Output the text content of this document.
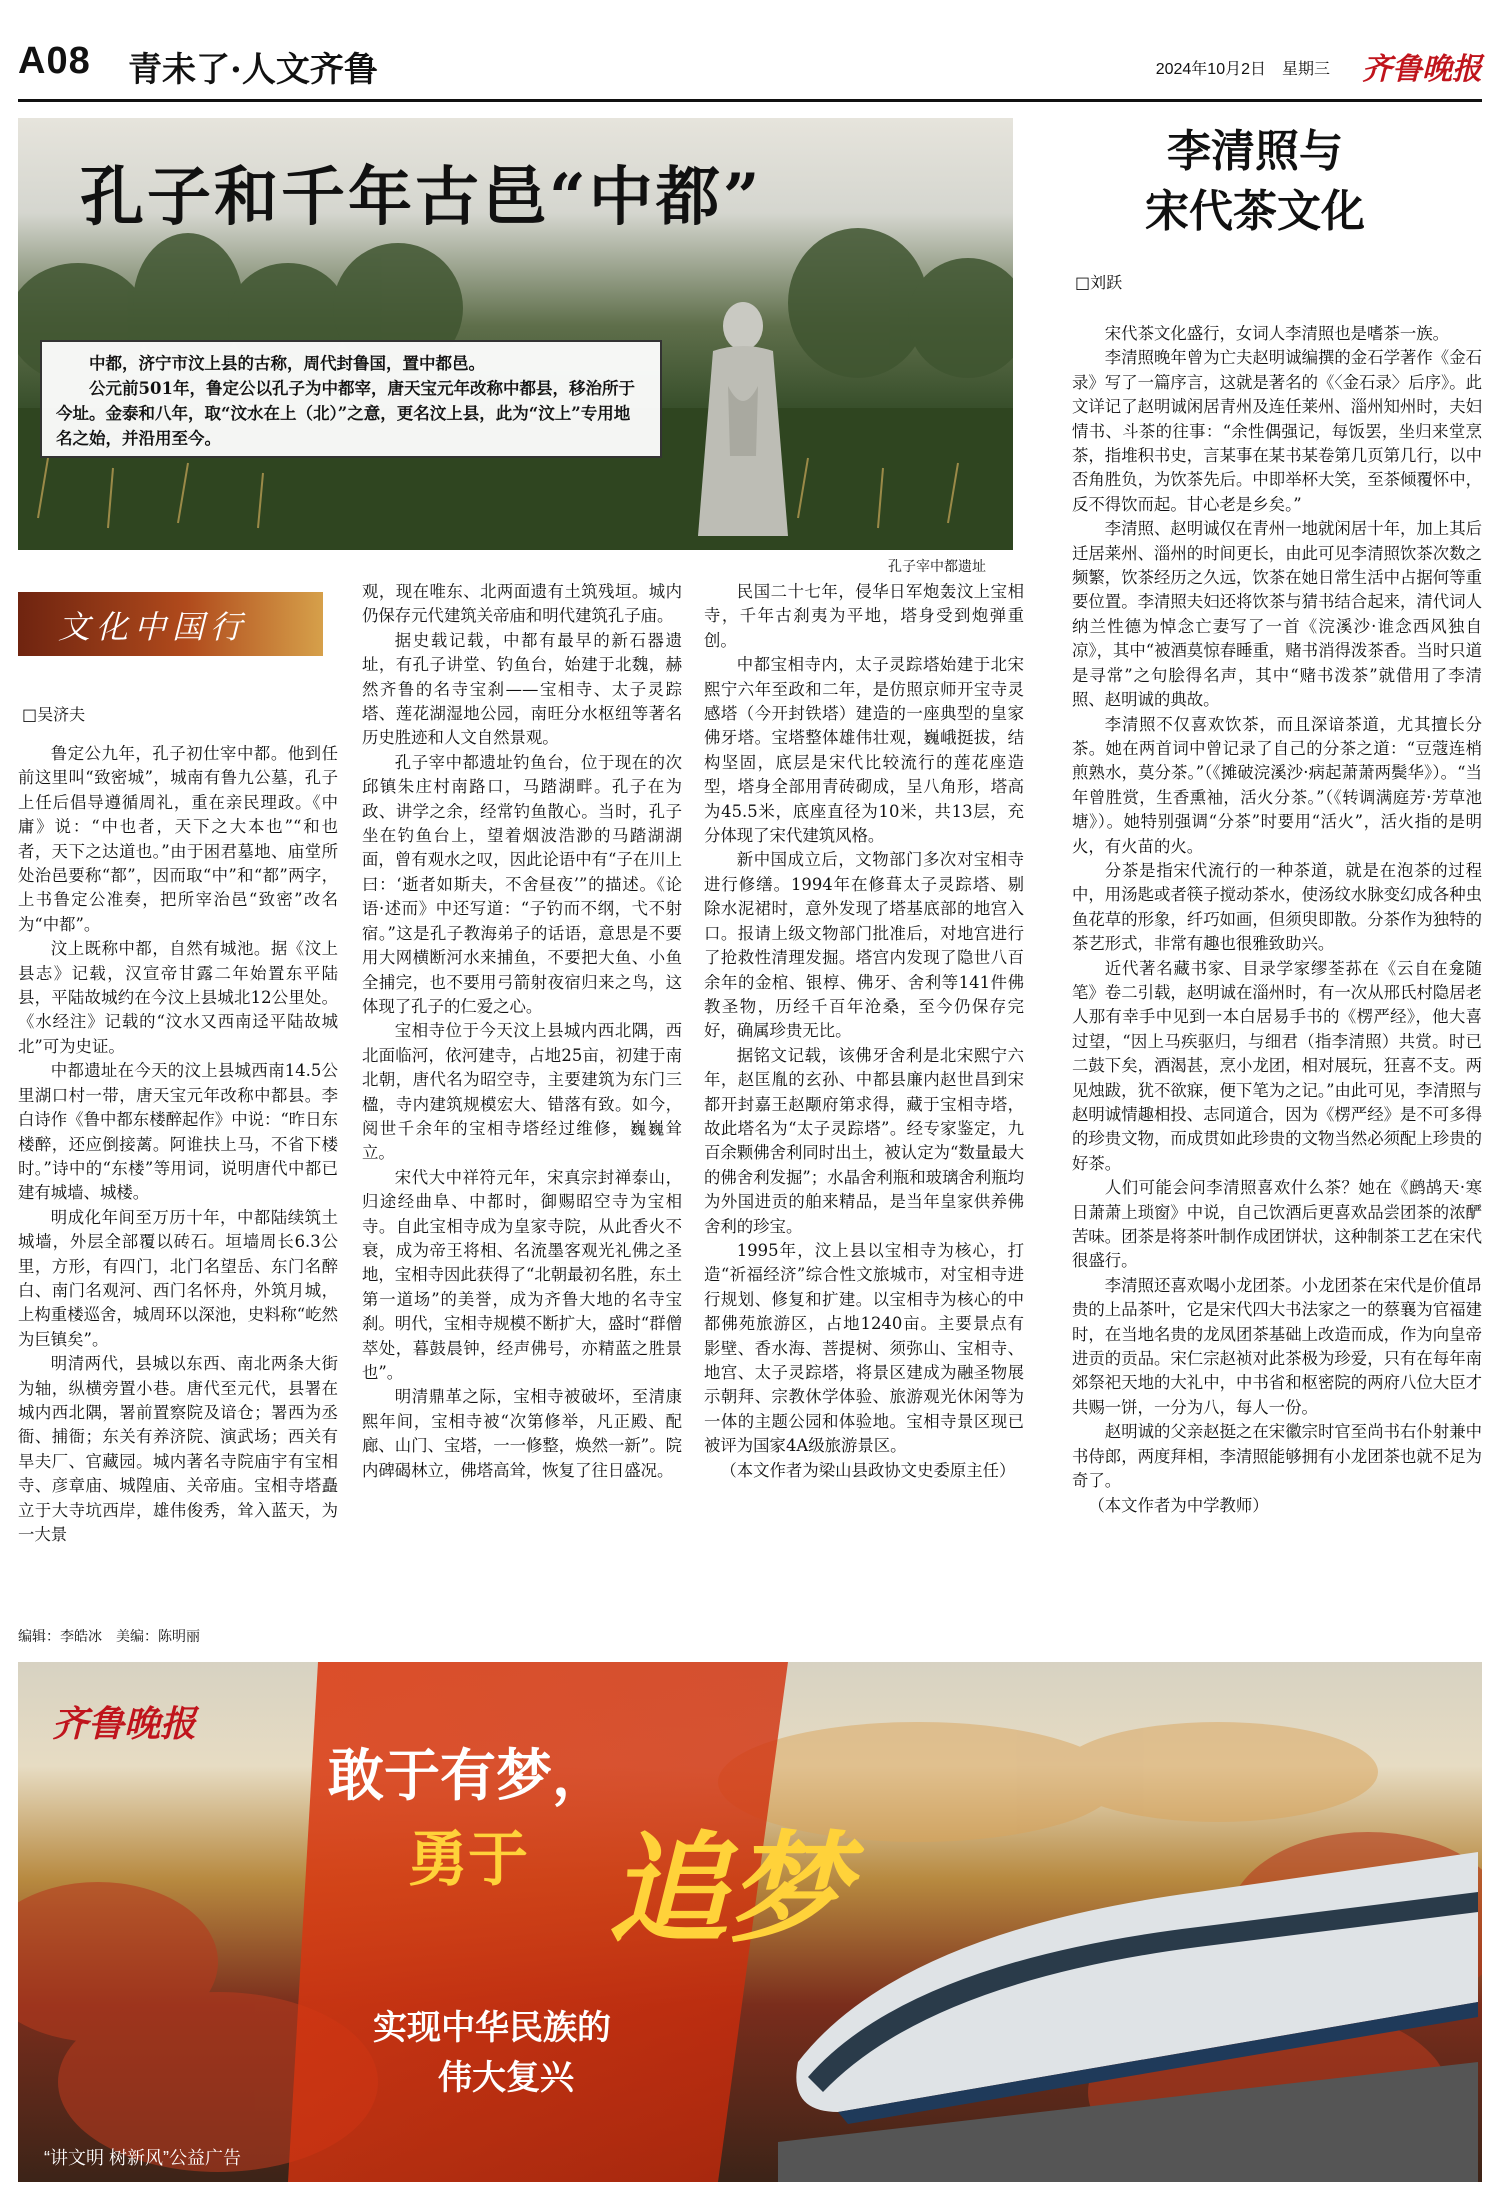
A08 青未了·人文齐鲁	2024年10月2日　星期三 齐鲁晚报
孔子和千年古邑“中都”

中都，济宁市汶上县的古称，周代封鲁国，置中都邑。

公元前501年，鲁定公以孔子为中都宰，唐天宝元年改称中都县，移治所于今址。金泰和八年，取“汶水在上（北）”之意，更名汶上县，此为“汶上”专用地名之始，并沿用至今。

孔子宰中都遗址
文化中国行
□吴济夫

鲁定公九年，孔子初仕宰中都。他到任前这里叫“致密城”，城南有鲁九公墓，孔子上任后倡导遵循周礼，重在亲民理政。《中庸》说：“中也者，天下之大本也”“和也者，天下之达道也。”由于困君墓地、庙堂所处治邑要称“都”，因而取“中”和“都”两字，上书鲁定公准奏，把所宰治邑“致密”改名为“中都”。

汶上既称中都，自然有城池。据《汶上县志》记载，汉宣帝甘露二年始置东平陆县，平陆故城约在今汶上县城北12公里处。《水经注》记载的“汶水又西南迳平陆故城北”可为史证。

中都遗址在今天的汶上县城西南14.5公里湖口村一带，唐天宝元年改称中都县。李白诗作《鲁中都东楼醉起作》中说：“昨日东楼醉，还应倒接蓠。阿谁扶上马，不省下楼时。”诗中的“东楼”等用词，说明唐代中都已建有城墙、城楼。

明成化年间至万历十年，中都陆续筑土城墙，外层全部覆以砖石。垣墙周长6.3公里，方形，有四门，北门名望岳、东门名醉白、南门名观河、西门名怀舟，外筑月城，上构重楼巡舍，城周环以深池，史料称“屹然为巨镇矣”。

明清两代，县城以东西、南北两条大街为轴，纵横旁置小巷。唐代至元代，县署在城内西北隅，署前置察院及谙仓；署西为丞衙、捕衙；东关有养济院、演武场；西关有旱夫厂、官藏园。城内著名寺院庙宇有宝相寺、彦章庙、城隍庙、关帝庙。宝相寺塔矗立于大寺坑西岸，雄伟俊秀，耸入蓝天，为一大景

观，现在唯东、北两面遗有土筑残垣。城内仍保存元代建筑关帝庙和明代建筑孔子庙。

据史载记载，中都有最早的新石器遗址，有孔子讲堂、钓鱼台，始建于北魏，赫然齐鲁的名寺宝刹——宝相寺、太子灵踪塔、莲花湖湿地公园，南旺分水枢纽等著名历史胜迹和人文自然景观。

孔子宰中都遗址钓鱼台，位于现在的次邱镇朱庄村南路口，马踏湖畔。孔子在为政、讲学之余，经常钓鱼散心。当时，孔子坐在钓鱼台上，望着烟波浩渺的马踏湖湖面，曾有观水之叹，因此论语中有“子在川上曰：‘逝者如斯夫，不舍昼夜’”的描述。《论语·述而》中还写道：“子钓而不纲，弋不射宿。”这是孔子教海弟子的话语，意思是不要用大网横断河水来捕鱼，不要把大鱼、小鱼全捕完，也不要用弓箭射夜宿归来之鸟，这体现了孔子的仁爱之心。

宝相寺位于今天汶上县城内西北隅，西北面临河，依河建寺，占地25亩，初建于南北朝，唐代名为昭空寺，主要建筑为东门三楹，寺内建筑规模宏大、错落有致。如今，阅世千余年的宝相寺塔经过维修，巍巍耸立。

宋代大中祥符元年，宋真宗封禅泰山，归途经曲阜、中都时，御赐昭空寺为宝相寺。自此宝相寺成为皇家寺院，从此香火不衰，成为帝王将相、名流墨客观光礼佛之圣地，宝相寺因此获得了“北朝最初名胜，东土第一道场”的美誉，成为齐鲁大地的名寺宝刹。明代，宝相寺规模不断扩大，盛时“群僧萃处，暮鼓晨钟，经声佛号，亦精蓝之胜景也”。

明清鼎革之际，宝相寺被破坏，至清康熙年间，宝相寺被“次第修举，凡正殿、配廊、山门、宝塔，一一修整，焕然一新”。院内碑碣林立，佛塔高耸，恢复了往日盛况。

民国二十七年，侵华日军炮轰汶上宝相寺，千年古刹夷为平地，塔身受到炮弹重创。

中都宝相寺内，太子灵踪塔始建于北宋熙宁六年至政和二年，是仿照京师开宝寺灵感塔（今开封铁塔）建造的一座典型的皇家佛牙塔。宝塔整体雄伟壮观，巍峨挺拔，结构坚固，底层是宋代比较流行的莲花座造型，塔身全部用青砖砌成，呈八角形，塔高为45.5米，底座直径为10米，共13层，充分体现了宋代建筑风格。

新中国成立后，文物部门多次对宝相寺进行修缮。1994年在修葺太子灵踪塔、剔除水泥裙时，意外发现了塔基底部的地宫入口。报请上级文物部门批准后，对地宫进行了抢救性清理发掘。塔宫内发现了隐世八百余年的金棺、银椁、佛牙、舍利等141件佛教圣物，历经千百年沧桑，至今仍保存完好，确属珍贵无比。

据铭文记载，该佛牙舍利是北宋熙宁六年，赵匡胤的玄孙、中都县廉内赵世昌到宋都开封嘉王赵颙府第求得，藏于宝相寺塔，故此塔名为“太子灵踪塔”。经专家鉴定，九百余颗佛舍利同时出土，被认定为“数量最大的佛舍利发掘”；水晶舍利瓶和玻璃舍利瓶均为外国进贡的舶来精品，是当年皇家供养佛舍利的珍宝。

1995年，汶上县以宝相寺为核心，打造“祈福经济”综合性文旅城市，对宝相寺进行规划、修复和扩建。以宝相寺为核心的中都佛苑旅游区，占地1240亩。主要景点有影壁、香水海、菩提树、须弥山、宝相寺、地宫、太子灵踪塔，将景区建成为融圣物展示朝拜、宗教休学体验、旅游观光休闲等为一体的主题公园和体验地。宝相寺景区现已被评为国家4A级旅游景区。

（本文作者为梁山县政协文史委原主任）

李清照与
宋代茶文化
□刘跃

宋代茶文化盛行，女词人李清照也是嗜茶一族。

李清照晚年曾为亡夫赵明诚编撰的金石学著作《金石录》写了一篇序言，这就是著名的《〈金石录〉后序》。此文详记了赵明诚闲居青州及连任莱州、淄州知州时，夫妇情书、斗茶的往事：“余性偶强记，每饭罢，坐归来堂烹茶，指堆积书史，言某事在某书某卷第几页第几行，以中否角胜负，为饮茶先后。中即举杯大笑，至茶倾覆怀中，反不得饮而起。甘心老是乡矣。”

李清照、赵明诚仅在青州一地就闲居十年，加上其后迁居莱州、淄州的时间更长，由此可见李清照饮茶次数之频繁，饮茶经历之久远，饮茶在她日常生活中占据何等重要位置。李清照夫妇还将饮茶与猜书结合起来，清代词人纳兰性德为悼念亡妻写了一首《浣溪沙·谁念西风独自凉》，其中“被酒莫惊春睡重，赌书消得泼茶香。当时只道是寻常”之句脍得名声，其中“赌书泼茶”就借用了李清照、赵明诚的典故。

李清照不仅喜欢饮茶，而且深谙茶道，尤其擅长分茶。她在两首词中曾记录了自己的分茶之道：“豆蔻连梢煎熟水，莫分茶。”（《摊破浣溪沙·病起萧萧两鬓华》）。“当年曾胜赏，生香熏袖，活火分茶。”（《转调满庭芳·芳草池塘》）。她特别强调“分茶”时要用“活火”，活火指的是明火，有火苗的火。

分茶是指宋代流行的一种茶道，就是在泡茶的过程中，用汤匙或者筷子搅动茶水，使汤纹水脉变幻成各种虫鱼花草的形象，纤巧如画，但须臾即散。分茶作为独特的茶艺形式，非常有趣也很雅致助兴。

近代著名藏书家、目录学家缪荃荪在《云自在龛随笔》卷二引载，赵明诚在淄州时，有一次从邢氏村隐居老人那有幸手中见到一本白居易手书的《楞严经》，他大喜过望，“因上马疾驱归，与细君（指李清照）共赏。时已二鼓下矣，酒渴甚，烹小龙团，相对展玩，狂喜不支。两见烛跋，犹不欲寐，便下笔为之记。”由此可见，李清照与赵明诚情趣相投、志同道合，因为《楞严经》是不可多得的珍贵文物，而成贯如此珍贵的文物当然必须配上珍贵的好茶。

人们可能会问李清照喜欢什么茶？她在《鹧鸪天·寒日萧萧上琐窗》中说，自己饮酒后更喜欢品尝团茶的浓酽苦味。团茶是将茶叶制作成团饼状，这种制茶工艺在宋代很盛行。

李清照还喜欢喝小龙团茶。小龙团茶在宋代是价值昂贵的上品茶叶，它是宋代四大书法家之一的蔡襄为官福建时，在当地名贵的龙凤团茶基础上改造而成，作为向皇帝进贡的贡品。宋仁宗赵祯对此茶极为珍爱，只有在每年南郊祭祀天地的大礼中，中书省和枢密院的两府八位大臣才共赐一饼，一分为八，每人一份。

赵明诚的父亲赵挺之在宋徽宗时官至尚书右仆射兼中书侍郎，两度拜相，李清照能够拥有小龙团茶也就不足为奇了。

（本文作者为中学教师）

编辑：李皓冰　美编：陈明丽
齐鲁晚报
敢于有梦，
勇于 追梦
实现中华民族的
伟大复兴
“讲文明 树新风”公益广告
